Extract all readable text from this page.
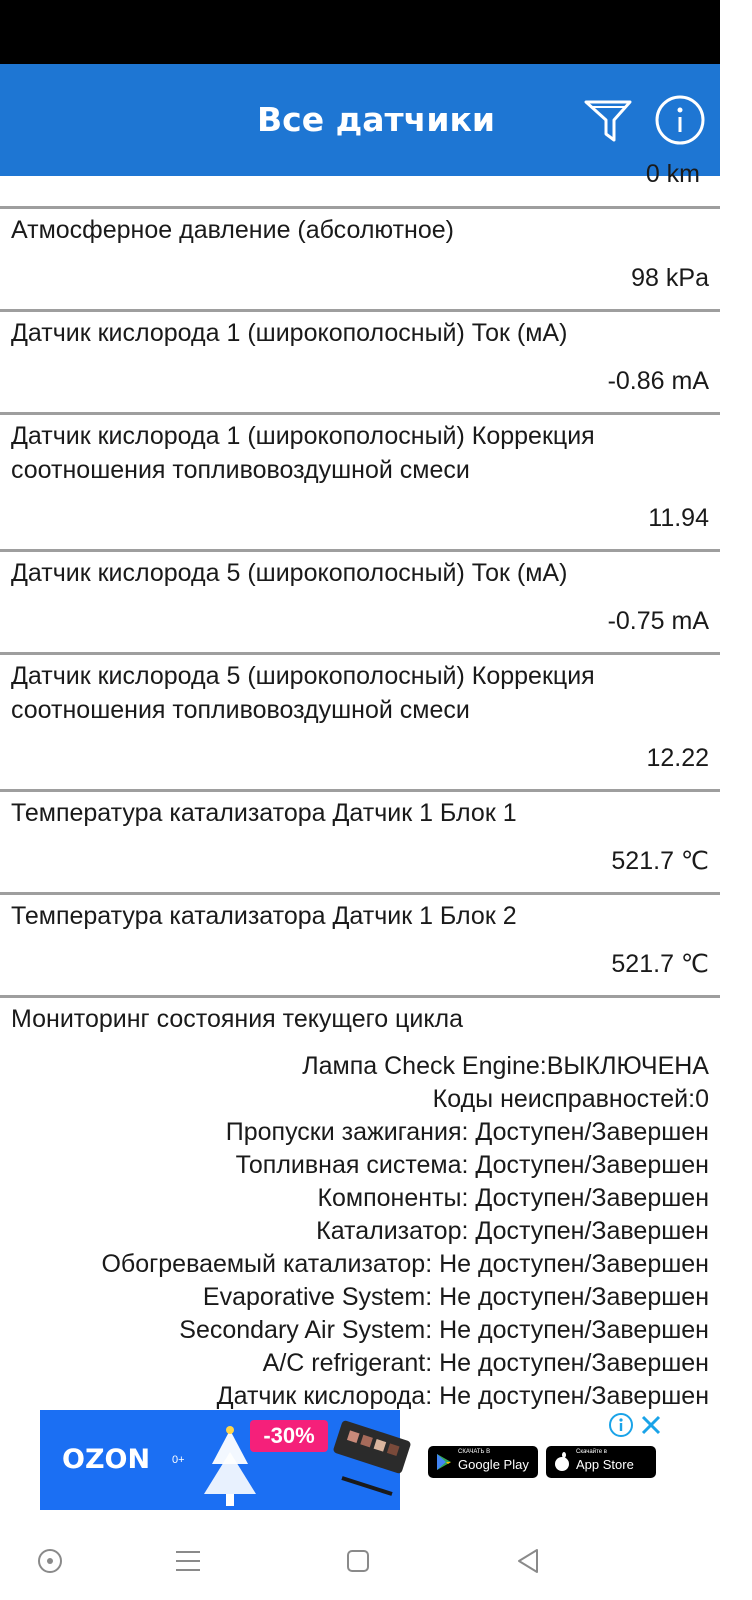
Все датчики
0 km
Атмосферное давление (абсолютное)
98 kPa
Датчик кислорода 1 (широкополосный) Ток (мА)
-0.86 mA
Датчик кислорода 1 (широкополосный) Коррекция соотношения топливовоздушной смеси
11.94
Датчик кислорода 5 (широкополосный) Ток (мА)
-0.75 mA
Датчик кислорода 5 (широкополосный) Коррекция соотношения топливовоздушной смеси
12.22
Температура катализатора Датчик 1 Блок 1
521.7 ℃
Температура катализатора Датчик 1 Блок 2
521.7 ℃
Мониторинг состояния текущего цикла
Лампа Check Engine:ВЫКЛЮЧЕНА
Коды неисправностей:0
Пропуски зажигания: Доступен/Завершен
Топливная система: Доступен/Завершен
Компоненты: Доступен/Завершен
Катализатор: Доступен/Завершен
Обогреваемый катализатор: Не доступен/Завершен
Evaporative System: Не доступен/Завершен
Secondary Air System: Не доступен/Завершен
A/C refrigerant: Не доступен/Завершен
Датчик кислорода: Не доступен/Завершен
OZON 0+
-30%
СКАЧАТЬ В
Google Play
Скачайте в
App Store
